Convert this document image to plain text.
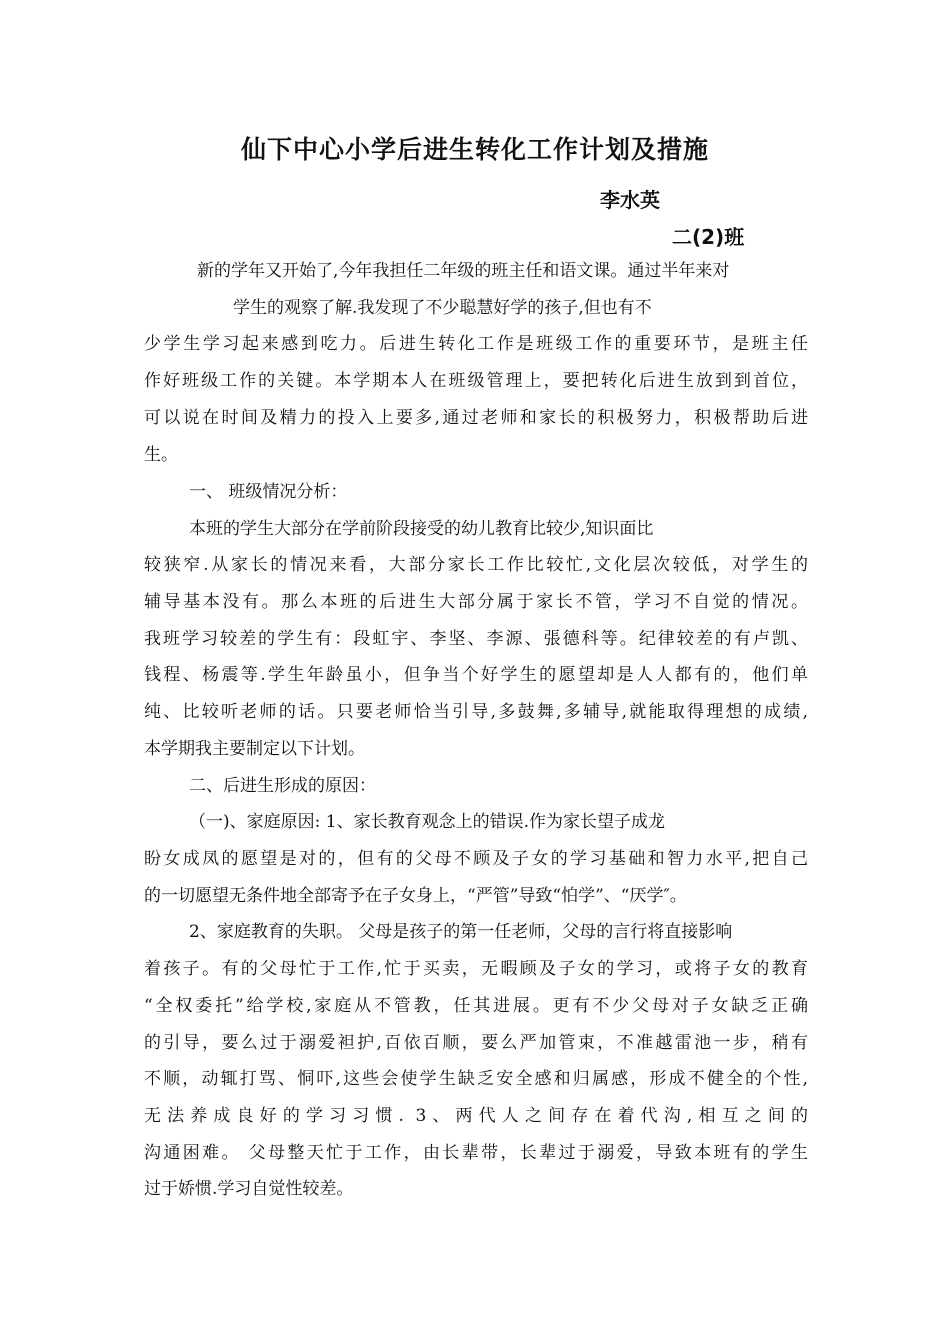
仙下中心小学后进生转化工作计划及措施
李水英
二(2)班
新的学年又开始了,今年我担任二年级的班主任和语文课。通过半年来对
学生的观察了解.我发现了不少聪慧好学的孩子,但也有不
少学生学习起来感到吃力。后进生转化工作是班级工作的重要环节，是班主任
作好班级工作的关键。本学期本人在班级管理上，要把转化后进生放到到首位，
可以说在时间及精力的投入上要多,通过老师和家长的积极努力，积极帮助后进
生。
一、 班级情况分析：
本班的学生大部分在学前阶段接受的幼儿教育比较少,知识面比
较狭窄.从家长的情况来看，大部分家长工作比较忙,文化层次较低，对学生的
辅导基本没有。那么本班的后进生大部分属于家长不管，学习不自觉的情况。
我班学习较差的学生有：段虹宇、李坚、李源、張德科等。纪律较差的有卢凯、
钱程、杨震等.学生年龄虽小，但争当个好学生的愿望却是人人都有的，他们单
纯、比较听老师的话。只要老师恰当引导,多鼓舞,多辅导,就能取得理想的成绩,
本学期我主要制定以下计划。
二、后进生形成的原因：
（一)、家庭原因: 1、家长教育观念上的错误.作为家长望子成龙
盼女成凤的愿望是对的，但有的父母不顾及子女的学习基础和智力水平,把自己
的一切愿望无条件地全部寄予在子女身上，“严管”导致“怕学”、“厌学″。
2、家庭教育的失职。 父母是孩子的第一任老师，父母的言行将直接影响
着孩子。有的父母忙于工作,忙于买卖，无暇顾及子女的学习，或将子女的教育
“全权委托”给学校,家庭从不管教，任其进展。更有不少父母对子女缺乏正确
的引导，要么过于溺爱袒护,百依百顺，要么严加管束，不准越雷池一步，稍有
不顺，动辄打骂、恫吓,这些会使学生缺乏安全感和归属感，形成不健全的个性,
无法养成良好的学习习惯. 3、两代人之间存在着代沟,相互之间的
沟通困难。 父母整天忙于工作，由长辈带，长辈过于溺爱，导致本班有的学生
过于娇惯.学习自觉性较差。
